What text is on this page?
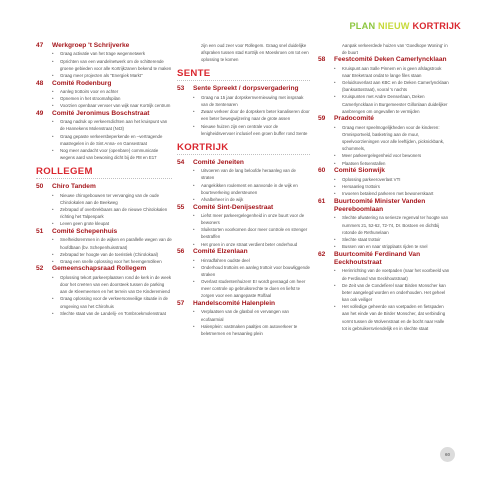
PLAN NIEUW KORTRIJK
47	Werkgroep 't Schrijverke
• Graag activatie van het trage wegennetwerk
• Oprichten van een wandelnetwerk om de schitterende groene gebieden voor alle Kortrijkzanen bekend te maken
• Graag meer projecten als "Energiek Markt"
48	Comité Rodenburg
• Aanleg trottoirs voor en achter
• Opnemen in het stroomafspilan
• Voorzien openbaar vervoer van wijk naar Kortrijk centrum
49	Comité Jeronimus Boschstraat
• Graag nadruk op verkeersdichten aan het kruispunt van de Hannekens Molenstraat (N43)
• Graag gepaste verkeersbeperkende en –vertragende maatregelen in de Sint Anna- en Gansestraat
• Nog meer aandacht voor (openbare) communicatie wegens aard van bewoning dicht bij de R8 en E17
ROLLEGEM
50	Chiro Tandem
• Nieuwe chirogebouwen ter vervanging van de oude Chirolokalen aan de Beekweg
• Zebrapad of overbrekbaars aan de nieuwe Chirolokalen richting het Talpenpark
• Leven geen grote kleupat
51	Comité Schepenhuis
• Snelheidsremmen in de wijken en parallelle wegen van de hoofdbaan (bv. Schepenhuisstraat)
• Zebrapad ter hoogte van de toeristiek (Chirolokaal)
• Graag een snelle oplossing voor het heemgemölleen
52	Gemeenschapsraad Rollegem
• Oplossing tekort parkeerplaatsen rond de kerk in de week door het creëren van een doorsteek tussen de parking aan de Kleemeersen en het terrein van De Kinderemiend
• Graag oplossing voor de verkeersonveilige situatie in de omgeving van het Chirohuis
• Slechte staat van de Landelij- en Tombroekmolenstraat
zijn een oud zeer voor Rollegem. Graag snel duidelijke afspraken tussen stad Kortrijk en Moeskroen om tot een oplossing te komen
SENTE
53	Sente Spreekt / dorpsvergadering
• Graag na 15 jaar dorpskernvernieuwing met inspraak van de Sentenaren
• Zwaar verkeer door de dorpskern beter kanaliseren door een beter bewegwijzering naar de grote assen
• Nieuwe huizen zijn een centrale voor de lenigheidsvervoer inclusief een groen buffer rond Sente
KORTRIJK
54	Comité Jeneiten
• Uitvoeren van de lang beloofde heraanleg van de straten
• Aangekikken roulement en aanvonde in de wijk en bourtvverkeing ondersteunen
• Afvalbeheer in de wijk
55	Comité Sint-Denijsestraat
• Liefst meer parkeergelegenheid in onze buurt voor de bewoners
• Sluikstorten voorkomen door meer controle en strenger bestraffen
• Het groen in onze straat verdient beter onderhoud
56	Comité Elzenlaan
• Hinradfahren oudste deel
• Onderhoud trottoirs en aanleg trottoir voor bouwliggende straken
• Overlast studentenhuizen! Er wordt gevraagd om heer meer controle op gebruiksrechte te doen en liefst te zorgen voor een aangepaste Rolfaal
57	Handelscomité Halenplein
• Verplaatsen van de glasbol en vervangen van ecofaarmial
• Halenplein: vastmaken paaltjes om autoverkeer te beletmernen en hesaanleg plein
Aanpak verkeerdede huizen van 'Goedkope Woning' in de buurt
58	Feestcomité Deken Camerlyncklaan
• Kruispunt aan Salle Pinnem en is geen afslagstrook naar Breketraat ondat te lange files staan
• Geluidsoverlast aan KBC en de Deken Camerlyncklaan (banksattostraat), vooral 's nachts
• Kruispunten met Andre Denserlaan, Deken Camerlyncklaan in Burgemeester Gillonlaan duidelijker aanbrengen om ongevallen te vermijden
59	Pradocomité
• Graag meer speelmogelijkheden voor de kinderen: Omnisportveld, basketring aan de muur, speelvoorzieningen voor alle leeftijden, picknickbank, schommels,
• Meer parkeergelegenheid voor bewoners
• Plaatsen fietsenstallen
60	Comité Sionwijk
• Oplossing parkeeroverlast VTI
• Hersaanleg trottoirs
• Invoeren betalend parkeren met bewonerskaart
61	Buurtcomité Minister Vanden Peereboomlaan
• Slechte afwatering na seriesze regenval ter hoogte van nummers 21, 52-62, 72-74, Dr. Bostoen en dichtbij rotonde de Rethunelaan
• Slechte staat trottoir
• Bussen van en naar stripplaats rijden te snel
62	Buurtcomité Ferdinand Van Eeckhoutstraat
• Herinrichting van de voetpaden (naar het voorbeeld van de Ferdinand Van Eeckhoutstraat)
• De Zeit van de Condefierel naar Birden Monscher kan beter aangelegd worden en onderhouden. Het geheel kan ook veiliger
• Het volledige geheerde van voetpaden en fietspaden aan het einde van de Birder Monscher, dat verbinding vormt tussen de Wolvenstraat en de bocht naar Halle tot is gebruikersvriendelijk en in slechte staat
60
